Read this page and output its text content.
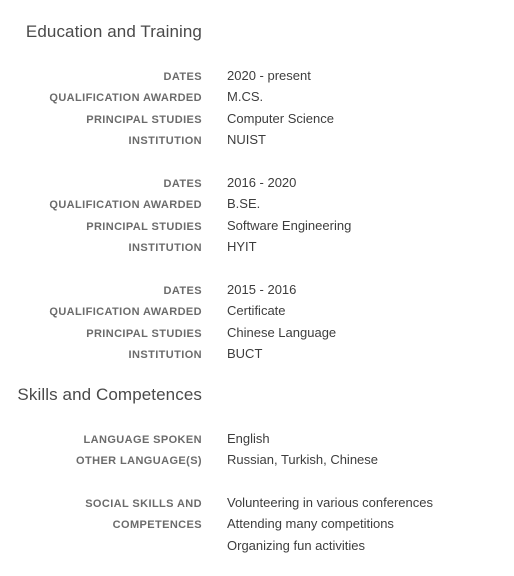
Education and Training
DATES 2020 - present
QUALIFICATION AWARDED M.CS.
PRINCIPAL STUDIES Computer Science
INSTITUTION NUIST
DATES 2016 - 2020
QUALIFICATION AWARDED B.SE.
PRINCIPAL STUDIES Software Engineering
INSTITUTION HYIT
DATES 2015 - 2016
QUALIFICATION AWARDED Certificate
PRINCIPAL STUDIES Chinese Language
INSTITUTION BUCT
Skills and Competences
LANGUAGE SPOKEN English
OTHER LANGUAGE(S) Russian, Turkish, Chinese
SOCIAL SKILLS AND Volunteering in various conferences
COMPETENCES Attending many competitions
Organizing fun activities
